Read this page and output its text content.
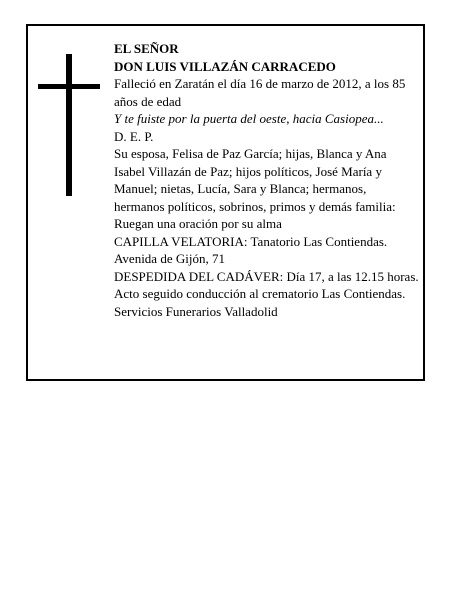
EL SEÑOR

DON LUIS VILLAZÁN CARRACEDO

Falleció en Zaratán el día 16 de marzo de 2012, a los 85 años de edad

Y te fuiste por la puerta del oeste, hacia Casiopea...

D. E. P.

Su esposa, Felisa de Paz García; hijas, Blanca y Ana Isabel Villazán de Paz; hijos políticos, José María y Manuel; nietas, Lucía, Sara y Blanca; hermanos, hermanos políticos, sobrinos, primos y demás familia:

Ruegan una oración por su alma

CAPILLA VELATORIA: Tanatorio Las Contiendas. Avenida de Gijón, 71

DESPEDIDA DEL CADÁVER: Día 17, a las 12.15 horas. Acto seguido conducción al crematorio Las Contiendas.

Servicios Funerarios Valladolid
